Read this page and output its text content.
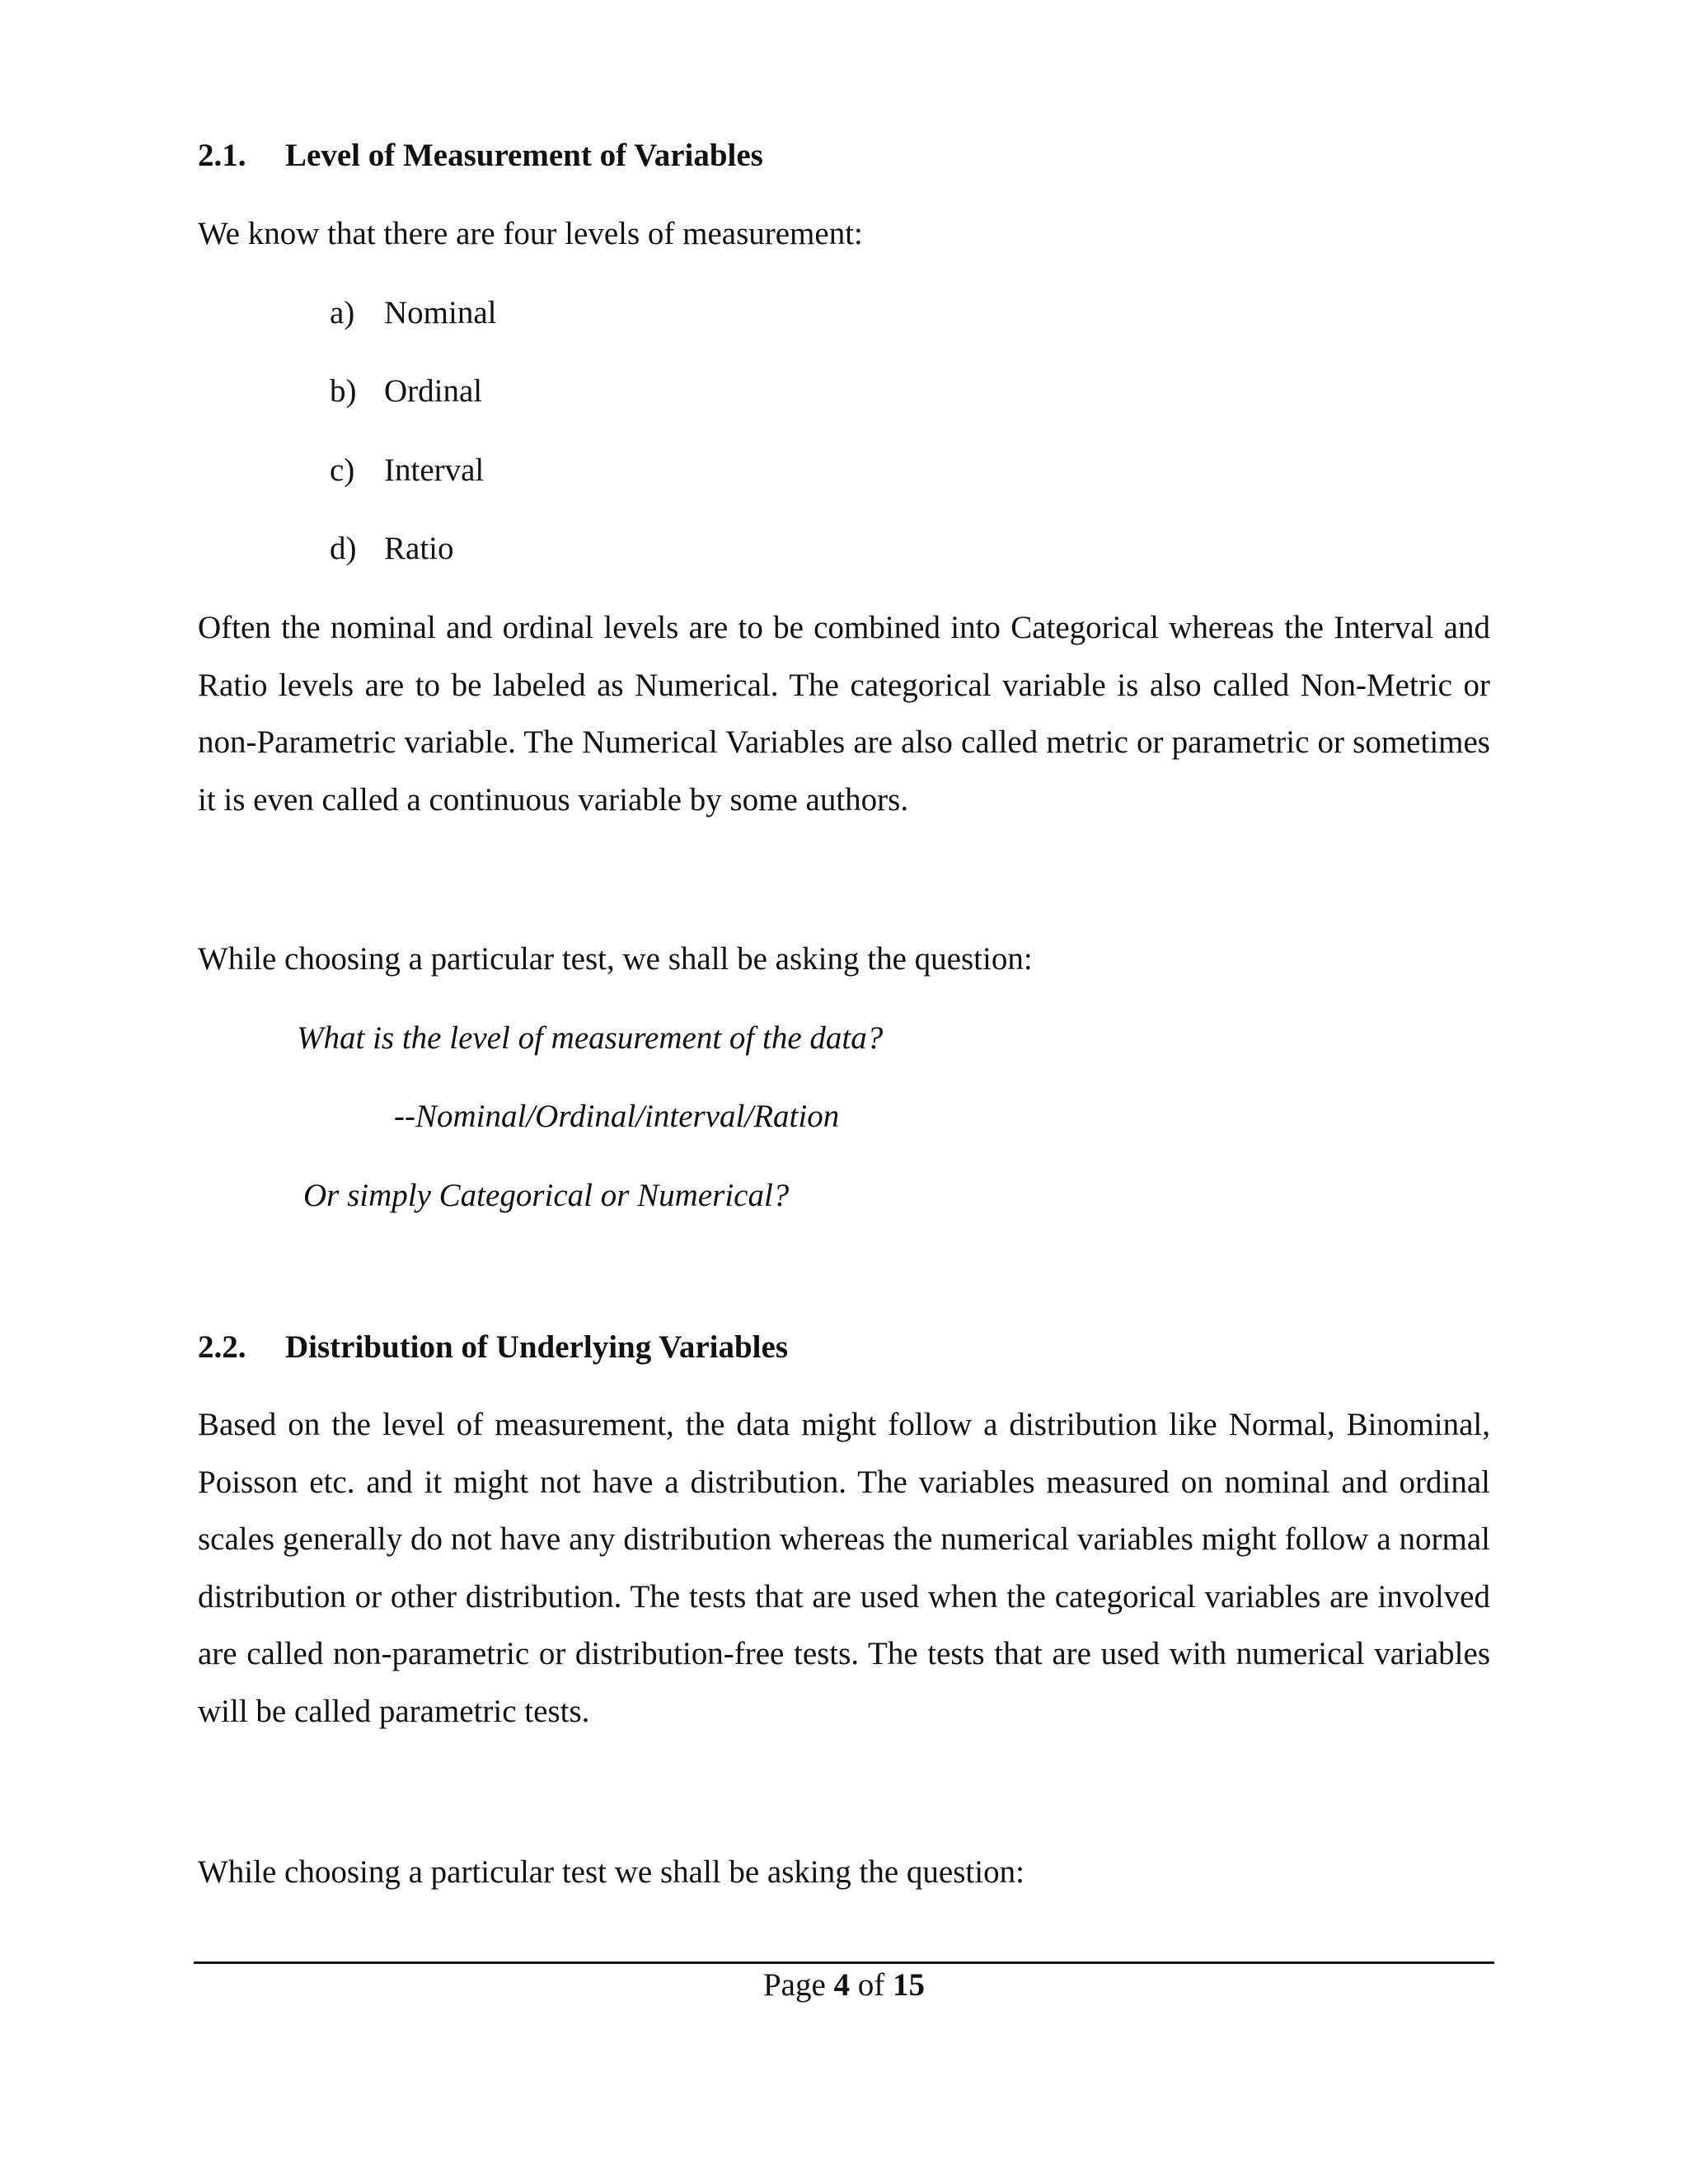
2.1. Level of Measurement of Variables
We know that there are four levels of measurement:
a) Nominal
b) Ordinal
c) Interval
d) Ratio

Often the nominal and ordinal levels are to be combined into Categorical whereas the Interval and Ratio levels are to be labeled as Numerical. The categorical variable is also called Non-Metric or non-Parametric variable. The Numerical Variables are also called metric or parametric or sometimes it is even called a continuous variable by some authors.

While choosing a particular test, we shall be asking the question:
What is the level of measurement of the data?
--Nominal/Ordinal/interval/Ration
Or simply Categorical or Numerical?
2.2. Distribution of Underlying Variables

Based on the level of measurement, the data might follow a distribution like Normal, Binominal, Poisson etc. and it might not have a distribution. The variables measured on nominal and ordinal scales generally do not have any distribution whereas the numerical variables might follow a normal distribution or other distribution. The tests that are used when the categorical variables are involved are called non-parametric or distribution-free tests. The tests that are used with numerical variables will be called parametric tests.

While choosing a particular test we shall be asking the question:
Page 4 of 15
